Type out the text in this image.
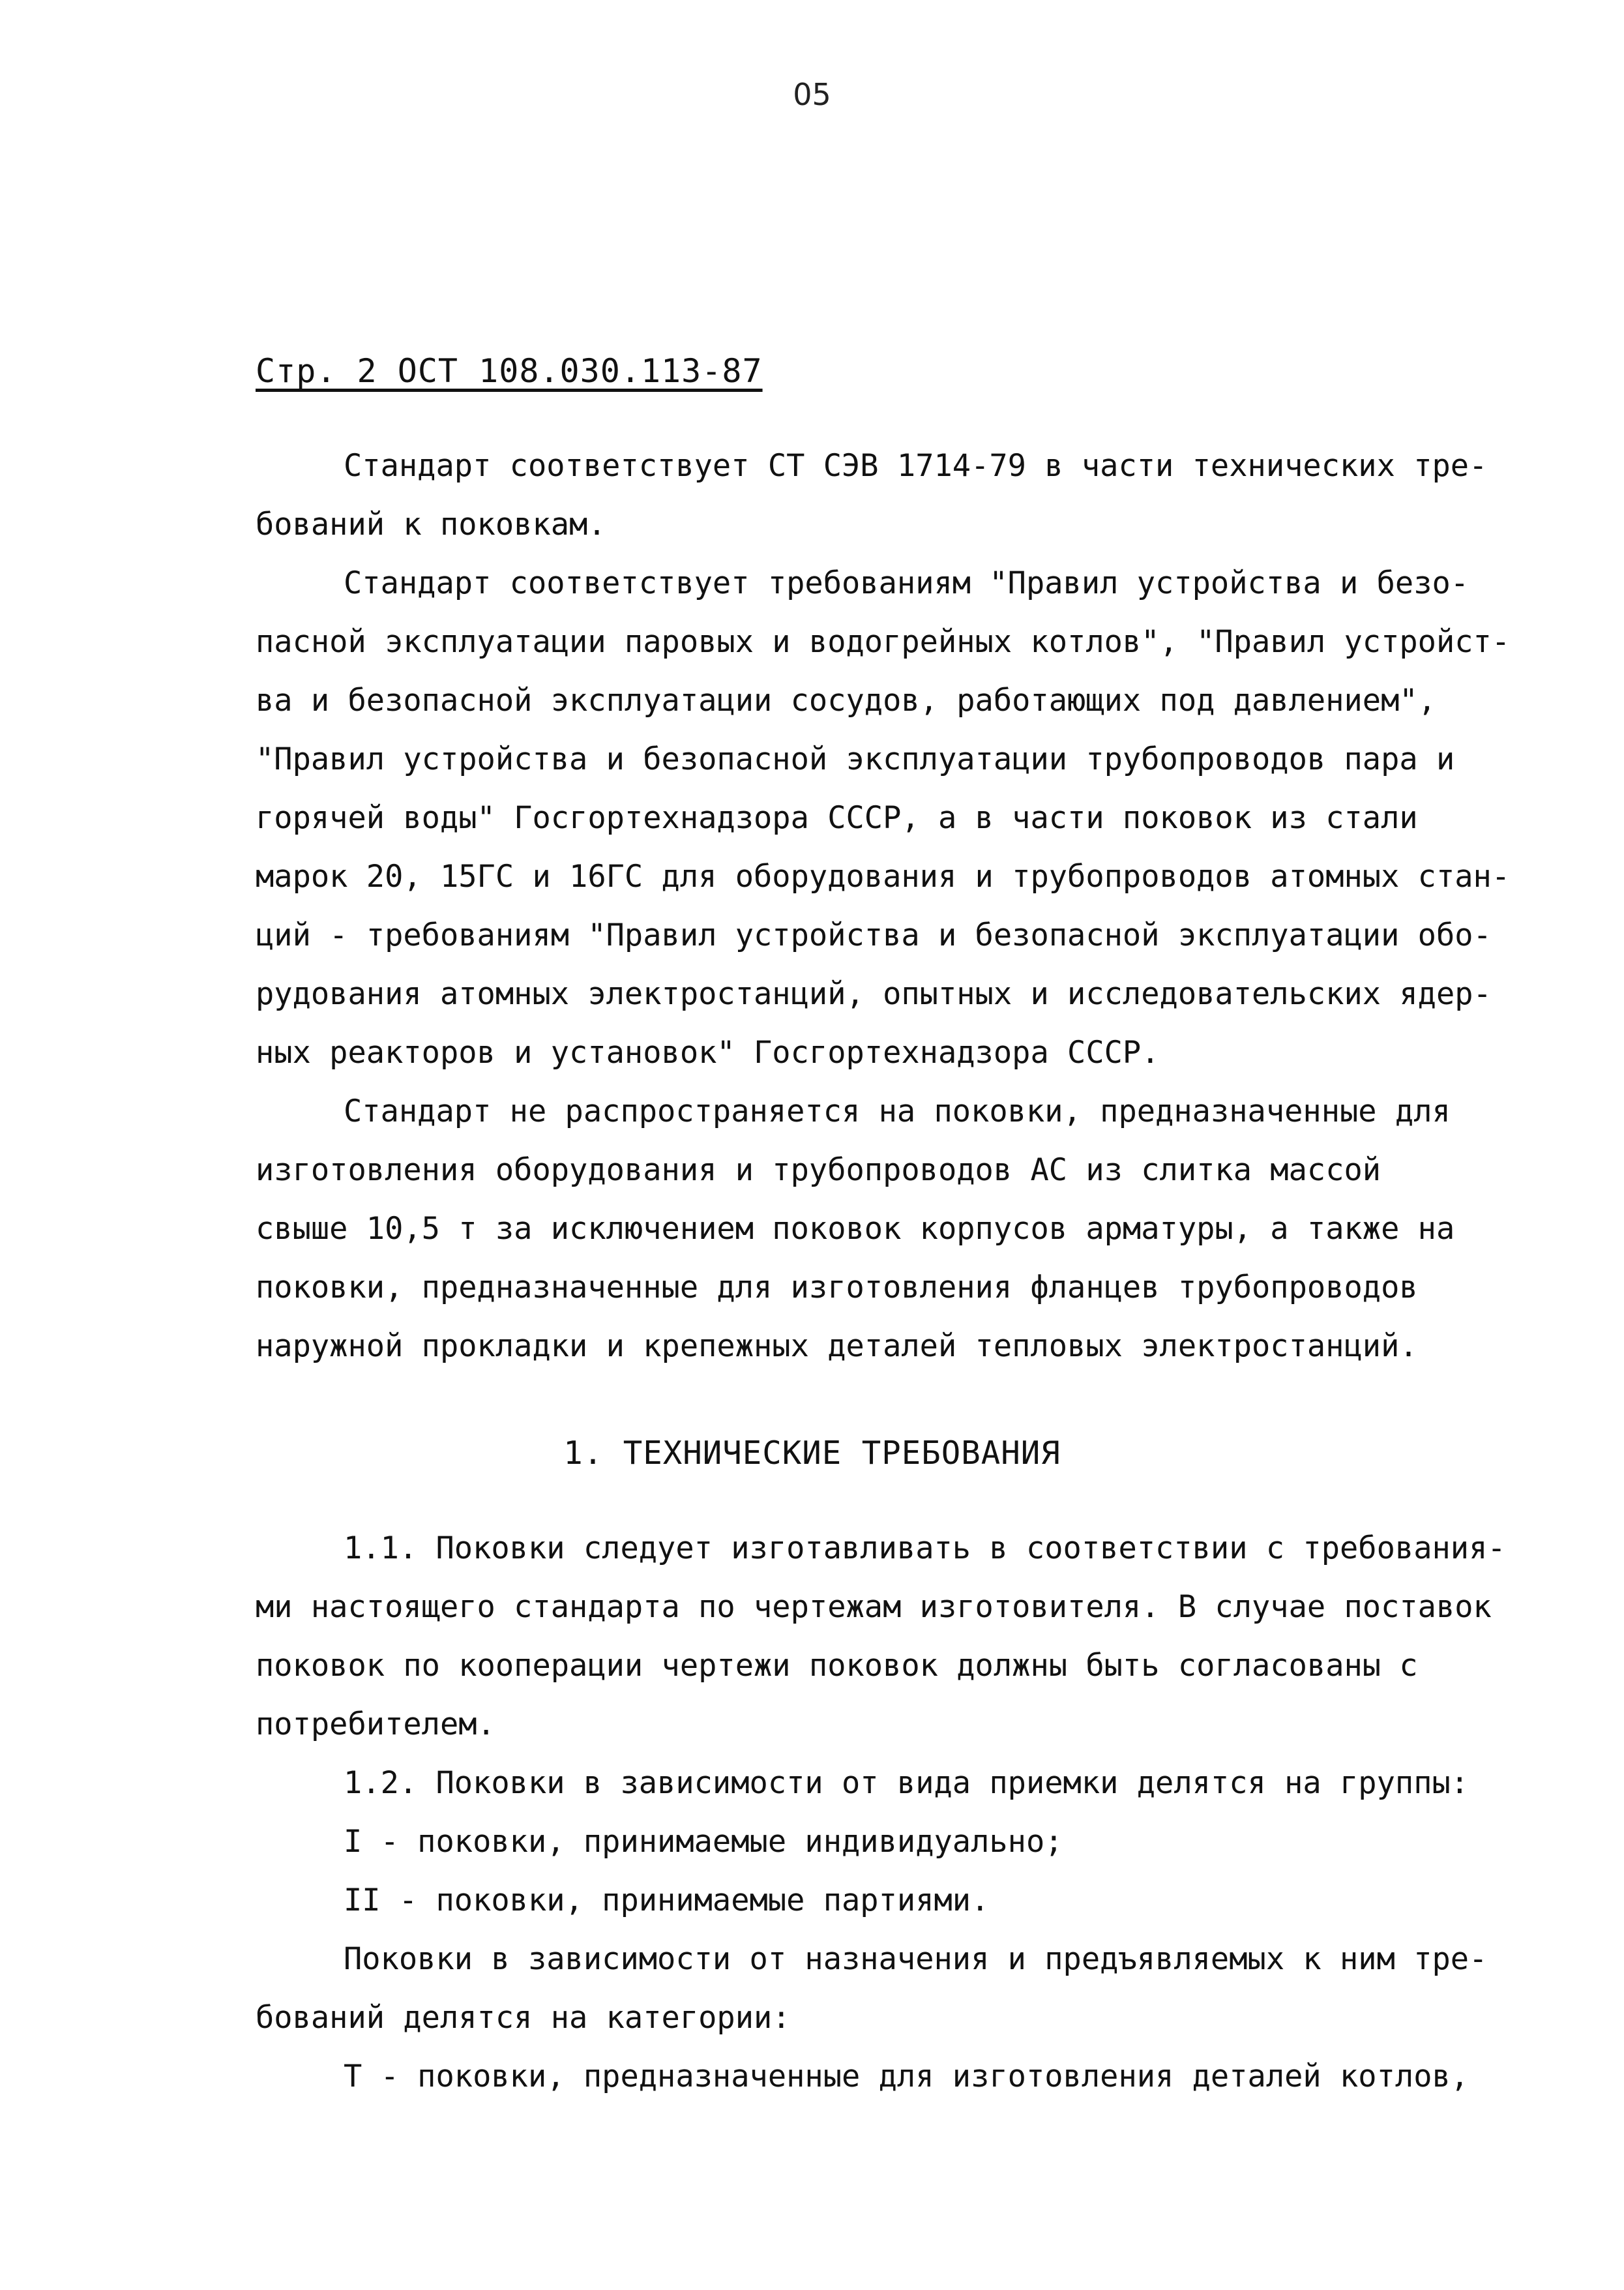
05
Стр. 2 ОСТ 108.030.113-87
Стандарт соответствует СТ СЭВ 1714-79 в части технических тре-
бований к поковкам.
Стандарт соответствует требованиям "Правил устройства и безо-
пасной эксплуатации паровых и водогрейных котлов", "Правил устройст-
ва и безопасной эксплуатации сосудов, работающих под давлением",
"Правил устройства и безопасной эксплуатации трубопроводов пара и
горячей воды" Госгортехнадзора СССР, а в части поковок из стали
марок 20, 15ГС и 16ГС для оборудования и трубопроводов атомных стан-
ций - требованиям "Правил устройства и безопасной эксплуатации обо-
рудования атомных электростанций, опытных и исследовательских ядер-
ных реакторов и установок" Госгортехнадзора СССР.
Стандарт не распространяется на поковки, предназначенные для
изготовления оборудования и трубопроводов АС из слитка массой
свыше 10,5 т за исключением поковок корпусов арматуры, а также на
поковки, предназначенные для изготовления фланцев трубопроводов
наружной прокладки и крепежных деталей тепловых электростанций.
1. ТЕХНИЧЕСКИЕ ТРЕБОВАНИЯ
1.1. Поковки следует изготавливать в соответствии с требования-
ми настоящего стандарта по чертежам изготовителя. В случае поставок
поковок по кооперации чертежи поковок должны быть согласованы с
потребителем.
1.2. Поковки в зависимости от вида приемки делятся на группы:
I - поковки, принимаемые индивидуально;
II - поковки, принимаемые партиями.
Поковки в зависимости от назначения и предъявляемых к ним тре-
бований делятся на категории:
Т - поковки, предназначенные для изготовления деталей котлов,
